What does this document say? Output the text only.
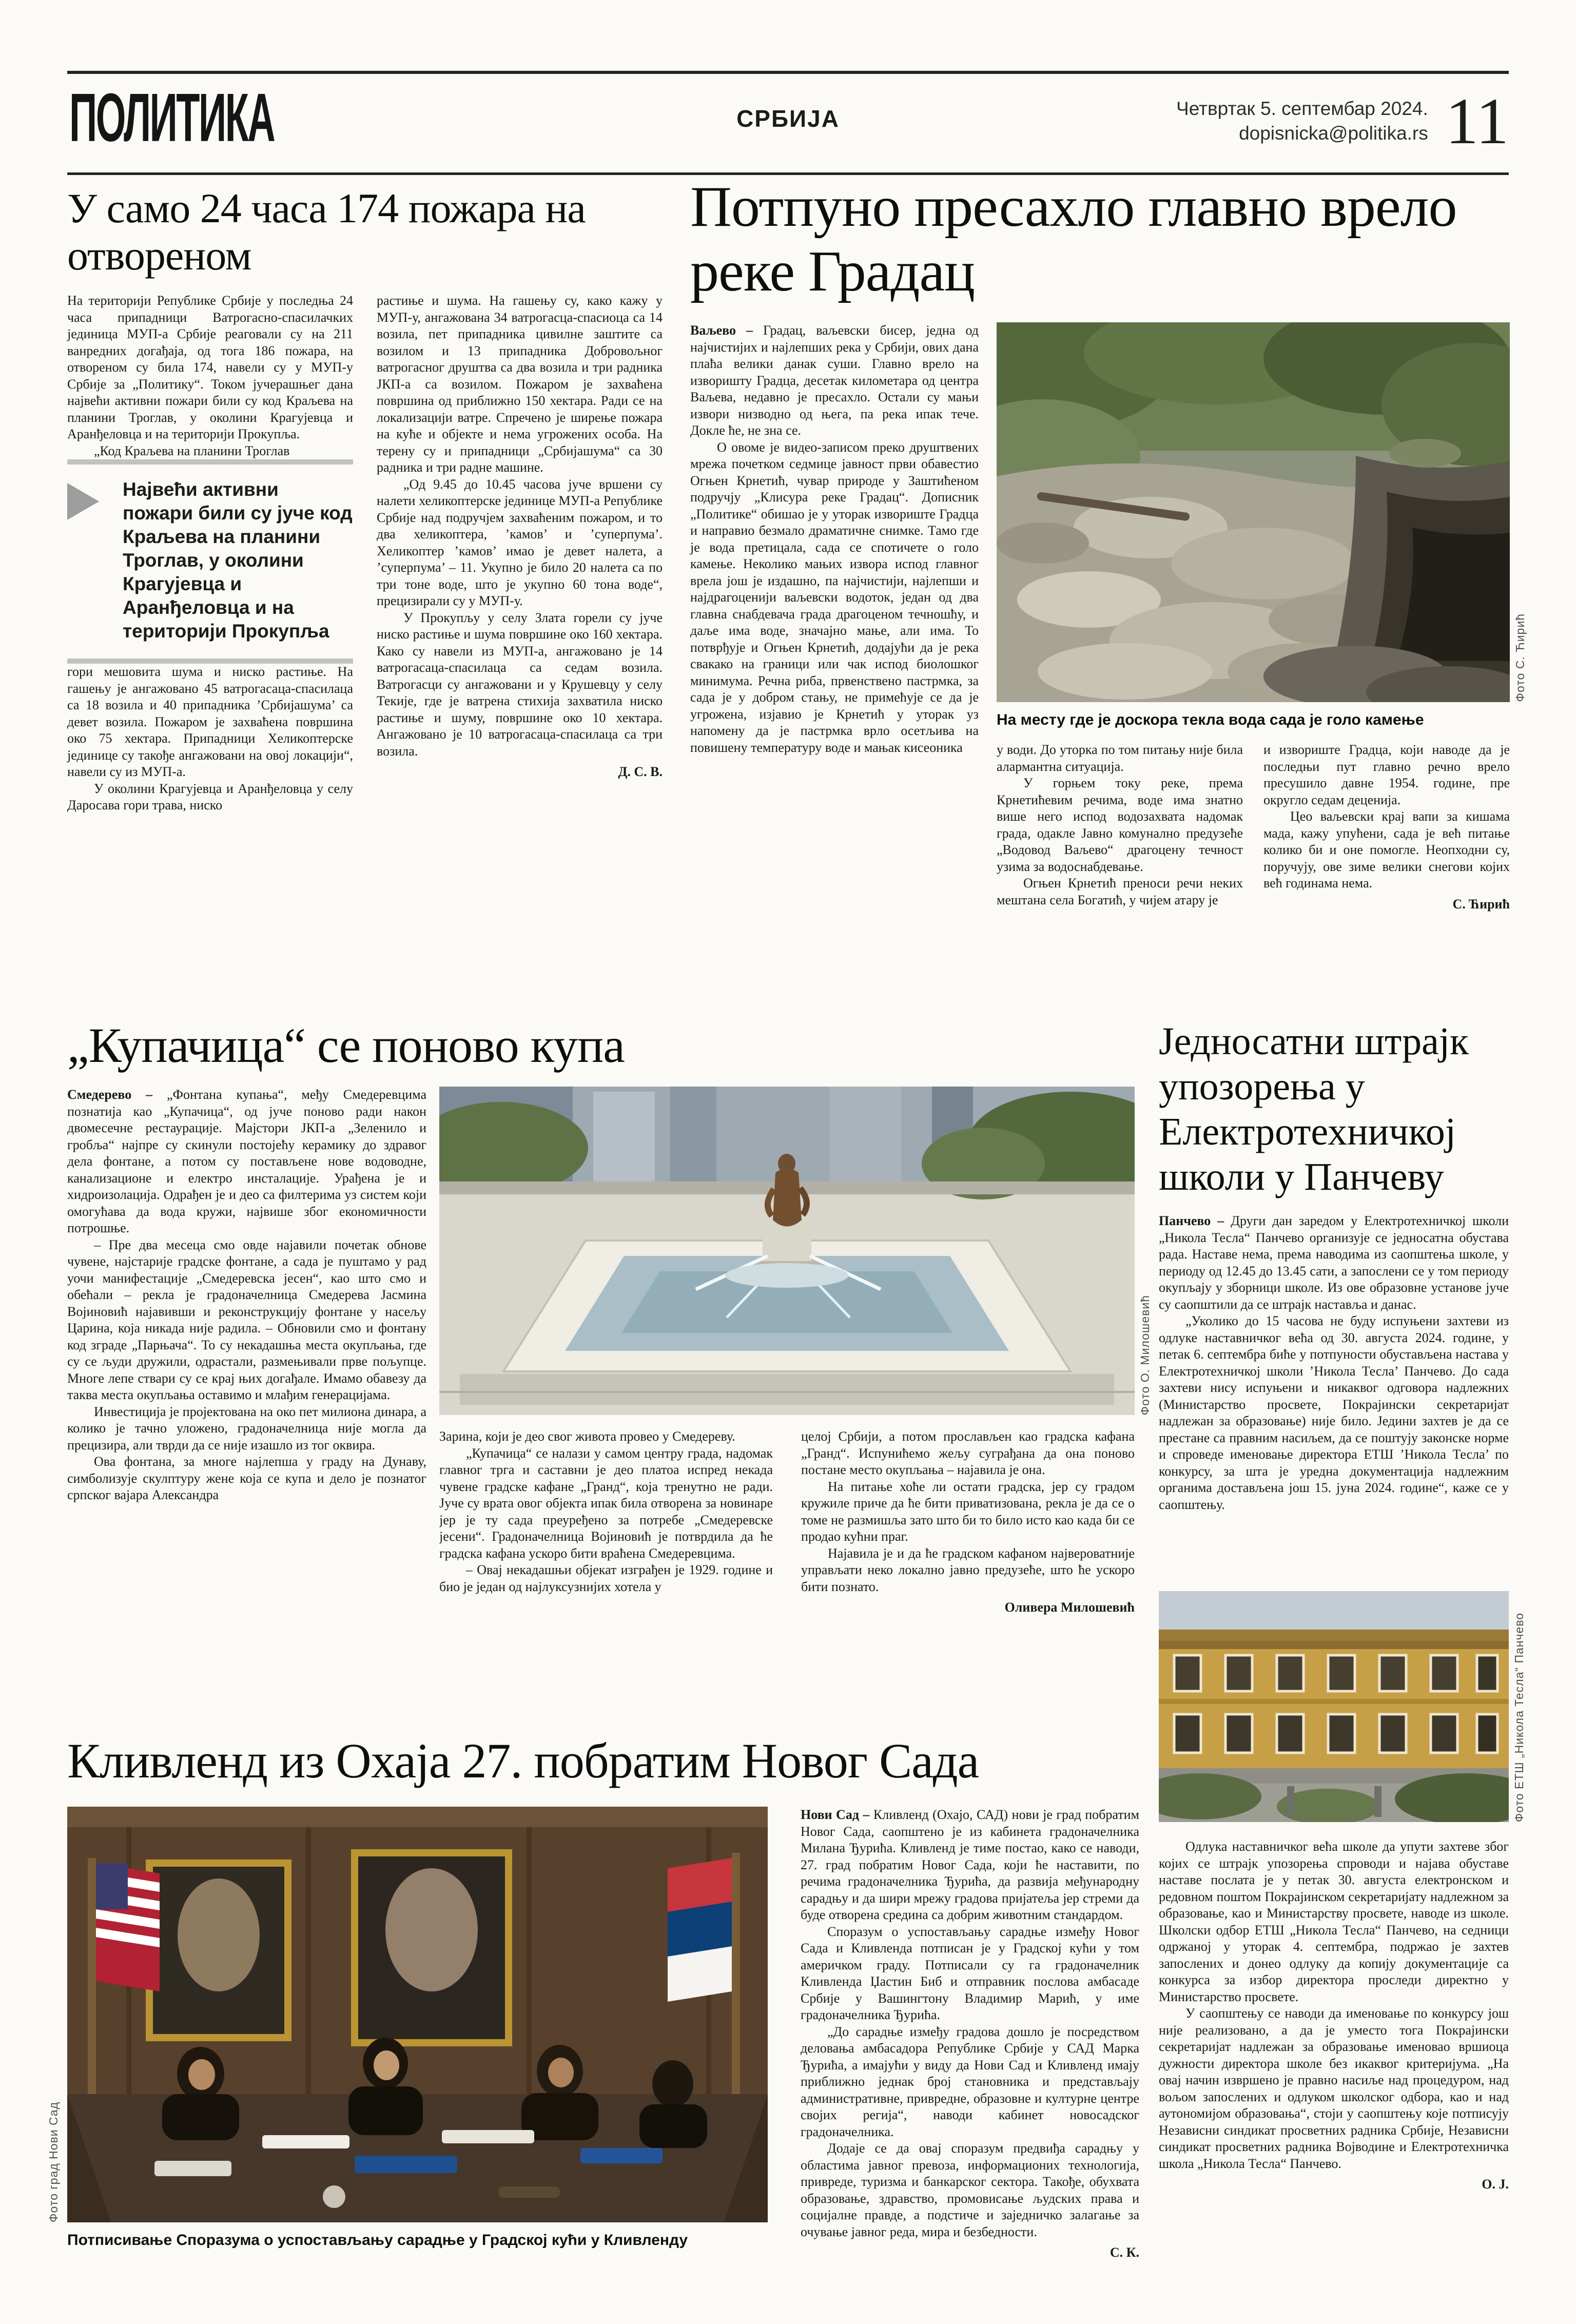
ПОЛИТИКА	СРБИЈА	Четвртак 5. септембар 2024.
dopisnicka@politika.rs 11
У само 24 часа 174 пожара на отвореном

На територији Републике Србије у последња 24 часа припадници Ватрогасно-спасилачких јединица МУП-а Србије реаговали су на 211 ванредних догађаја, од тога 186 пожара, на отвореном су била 174, навели су у МУП-у Србије за „Политику“. Током јучерашњег дана највећи активни пожари били су код Краљева на планини Троглав, у околини Крагујевца и Аранђеловца и на територији Прокупља.

„Код Краљева на планини Троглав

Највећи активни пожари били су јуче код Краљева на планини Троглав, у околини Крагујевца и Аранђеловца и на територији Прокупља

гори мешовита шума и ниско растиње. На гашењу је ангажовано 45 ватрогасаца-спасилаца са 18 возила и 40 припадника ’Србијашума’ са девет возила. Пожаром је захваћена површина око 75 хектара. Припадници Хеликоптерске јединице су такође ангажовани на овој локацији“, навели су из МУП-а.

У околини Крагујевца и Аранђеловца у селу Даросава гори трава, ниско

растиње и шума. На гашењу су, како кажу у МУП-у, ангажована 34 ватрогасца-спасиоца са 14 возила, пет припадника цивилне заштите са возилом и 13 припадника Добровољног ватрогасног друштва са два возила и три радника ЈКП-а са возилом. Пожаром је захваћена површина од приближно 150 хектара. Ради се на локализацији ватре. Спречено је ширење пожара на куће и објекте и нема угрожених особа. На терену су и припадници „Србијашума“ са 30 радника и три радне машине.

„Од 9.45 до 10.45 часова јуче вршени су налети хеликоптерске јединице МУП-а Републике Србије над подручјем захваћеним пожаром, и то два хеликоптера, ’камов’ и ’суперпума’. Хеликоптер ’камов’ имао је девет налета, а ’суперпума’ – 11. Укупно је било 20 налета са по три тоне воде, што је укупно 60 тона воде“, прецизирали су у МУП-у.

У Прокупљу у селу Злата горели су јуче ниско растиње и шума површине око 160 хектара. Како су навели из МУП-а, ангажовано је 14 ватрогасаца-спасилаца са седам возила. Ватрогасци су ангажовани и у Крушевцу у селу Текије, где је ватрена стихија захватила ниско растиње и шуму, површине око 10 хектара. Ангажовано је 10 ватрогасаца-спасилаца са три возила.

Д. С. В.
Потпуно пресахло главно врело реке Градац

Ваљево – Градац, ваљевски бисер, једна од најчистијих и најлепших река у Србији, ових дана плаћа велики данак суши. Главно врело на изворишту Градца, десетак километара од центра Ваљева, недавно је пресахло. Остали су мањи извори низводно од њега, па река ипак тече. Докле ће, не зна се.

О овоме је видео-записом преко друштвених мрежа почетком седмице јавност први обавестио Огњен Крнетић, чувар природе у Заштићеном подручју „Клисура реке Градац“. Дописник „Политике“ обишао је у уторак извориште Градца и направио безмало драматичне снимке. Тамо где је вода претицала, сада се спотичете о голо камење. Неколико мањих извора испод главног врела још је издашно, па најчистији, најлепши и најдрагоценији ваљевски водоток, један од два главна снабдевача града драгоценом течношћу, и даље има воде, значајно мање, али има. То потврђује и Огњен Крнетић, додајући да је река свакако на граници или чак испод биолошког минимума. Речна риба, првенствено пастрмка, за сада је у добром стању, не примећује се да је угрожена, изјавио је Крнетић у уторак уз напомену да је пастрмка врло осетљива на повишену температуру воде и мањак кисеоника

Фото С. Ћирић
На месту где је доскора текла вода сада је голо камење

у води. До уторка по том питању није била алармантна ситуација.

У горњем току реке, према Крнетићевим речима, воде има знатно више него испод водозахвата надомак града, одакле Јавно комунално предузеће „Водовод Ваљево“ драгоцену течност узима за водоснабдевање.

Огњен Крнетић преноси речи неких мештана села Богатић, у чијем атару је

и извориште Градца, који наводе да је последњи пут главно речно врело пресушило давне 1954. године, пре округло седам деценија.

Цео ваљевски крај вапи за кишама мада, кажу упућени, сада је већ питање колико би и оне помогле. Неопходни су, поручују, ове зиме велики снегови којих већ годинама нема.

С. Ћирић
„Купачица“ се поново купа

Смедерево – „Фонтана купања“, међу Смедеревцима познатија као „Купачица“, од јуче поново ради након двомесечне рестаурације. Мајстори ЈКП-а „Зеленило и гробља“ најпре су скинули постојећу керамику до здравог дела фонтане, а потом су постављене нове водоводне, канализационе и електро инсталације. Урађена је и хидроизолација. Одрађен је и део са филтерима уз систем који омогућава да вода кружи, највише због економичности потрошње.

– Пре два месеца смо овде најавили почетак обнове чувене, најстарије градске фонтане, а сада је пуштамо у рад уочи манифестације „Смедеревска јесен“, као што смо и обећали – рекла је градоначелница Смедерева Јасмина Војиновић најавивши и реконструкцију фонтане у насељу Царина, која никада није радила. – Обновили смо и фонтану код зграде „Парњача“. То су некадашња места окупљања, где су се људи дружили, одрастали, размењивали прве пољупце. Многе лепе ствари су се крај њих догађале. Имамо обавезу да таква места окупљања оставимо и млађим генерацијама.

Инвестиција је пројектована на око пет милиона динара, а колико је тачно уложено, градоначелница није могла да прецизира, али тврди да се није изашло из тог оквира.

Ова фонтана, за многе најлепша у граду на Дунаву, симболизује скулптуру жене која се купа и дело је познатог српског вајара Александра

Фото О. Милошевић

Зарина, који је део свог живота провео у Смедереву.

„Купачица“ се налази у самом центру града, надомак главног трга и саставни је део платоа испред некада чувене градске кафане „Гранд“, која тренутно не ради. Јуче су врата овог објекта ипак била отворена за новинаре јер је ту сада преуређено за потребе „Смедеревске јесени“. Градоначелница Војиновић је потврдила да ће градска кафана ускоро бити враћена Смедеревцима.

– Овај некадашњи објекат изграђен је 1929. године и био је један од најлуксузнијих хотела у

целој Србији, а потом прослављен као градска кафана „Гранд“. Испунићемо жељу суграђана да она поново постане место окупљања – најавила је она.

На питање хоће ли остати градска, јер су градом кружиле приче да ће бити приватизована, рекла је да се о томе не размишља зато што би то било исто као када би се продао кућни праг.

Најавила је и да ће градском кафаном највероватније управљати неко локално јавно предузеће, што ће ускоро бити познато.

Оливера Милошевић
Једносатни штрајк упозорења у Електротехничкој школи у Панчеву

Панчево – Други дан заредом у Електротехничкој школи „Никола Тесла“ Панчево организује се једносатна обустава рада. Наставе нема, према наводима из саопштења школе, у периоду од 12.45 до 13.45 сати, а запослени се у том периоду окупљају у зборници школе. Из ове образовне установе јуче су саопштили да се штрајк наставља и данас.

„Уколико до 15 часова не буду испуњени захтеви из одлуке наставничког већа од 30. августа 2024. године, у петак 6. септембра биће у потпуности обустављена настава у Електротехничкој школи ’Никола Тесла’ Панчево. До сада захтеви нису испуњени и никаквог одговора надлежних (Министарство просвете, Покрајински секретаријат надлежан за образовање) није било. Једини захтев је да се престане са правним насиљем, да се поштују законске норме и спроведе именовање директора ЕТШ ’Никола Тесла’ по конкурсу, за шта је уредна документација надлежним органима достављена још 15. јуна 2024. године“, каже се у саопштењу.

Фото ЕТШ „Никола Тесла“ Панчево

Одлука наставничког већа школе да упути захтеве због којих се штрајк упозорења спроводи и најава обуставе наставе послата је у петак 30. августа електронском и редовном поштом Покрајинском секретаријату надлежном за образовање, као и Министарству просвете, наводе из школе. Школски одбор ЕТШ „Никола Тесла“ Панчево, на седници одржаној у уторак 4. септембра, подржао је захтев запослених и донео одлуку да копију документације са конкурса за избор директора проследи директно у Министарство просвете.

У саопштењу се наводи да именовање по конкурсу још није реализовано, а да је уместо тога Покрајински секретаријат надлежан за образовање именовао вршиоца дужности директора школе без икаквог критеријума. „На овај начин извршено је правно насиље над процедуром, над вољом запослених и одлуком школског одбора, као и над аутономијом образовања“, стоји у саопштењу које потписују Независни синдикат просветних радника Србије, Независни синдикат просветних радника Војводине и Електротехничка школа „Никола Тесла“ Панчево.

О. Ј.
Кливленд из Охаја 27. побратим Новог Сада
Фото град Нови Сад
Потписивање Споразума о успостављању сарадње у Градској кући у Кливленду

Нови Сад – Кливленд (Охајо, САД) нови је град побратим Новог Сада, саопштено је из кабинета градоначелника Милана Ђурића. Кливленд је тиме постао, како се наводи, 27. град побратим Новог Сада, који ће наставити, по речима градоначелника Ђурића, да развија међународну сарадњу и да шири мрежу градова пријатеља јер стреми да буде отворена средина са добрим животним стандардом.

Споразум о успостављању сарадње између Новог Сада и Кливленда потписан је у Градској кући у том америчком граду. Потписали су га градоначелник Кливленда Џастин Биб и отправник послова амбасаде Србије у Вашингтону Владимир Марић, у име градоначелника Ђурића.

„До сарадње између градова дошло је посредством деловања амбасадора Републике Србије у САД Марка Ђурића, а имајући у виду да Нови Сад и Кливленд имају приближно једнак број становника и представљају административне, привредне, образовне и културне центре својих регија“, наводи кабинет новосадског градоначелника.

Додаје се да овај споразум предвиђа сарадњу у областима јавног превоза, информационих технологија, привреде, туризма и банкарског сектора. Такође, обухвата образовање, здравство, промовисање људских права и социјалне правде, а подстиче и заједничко залагање за очување јавног реда, мира и безбедности.

С. К.
